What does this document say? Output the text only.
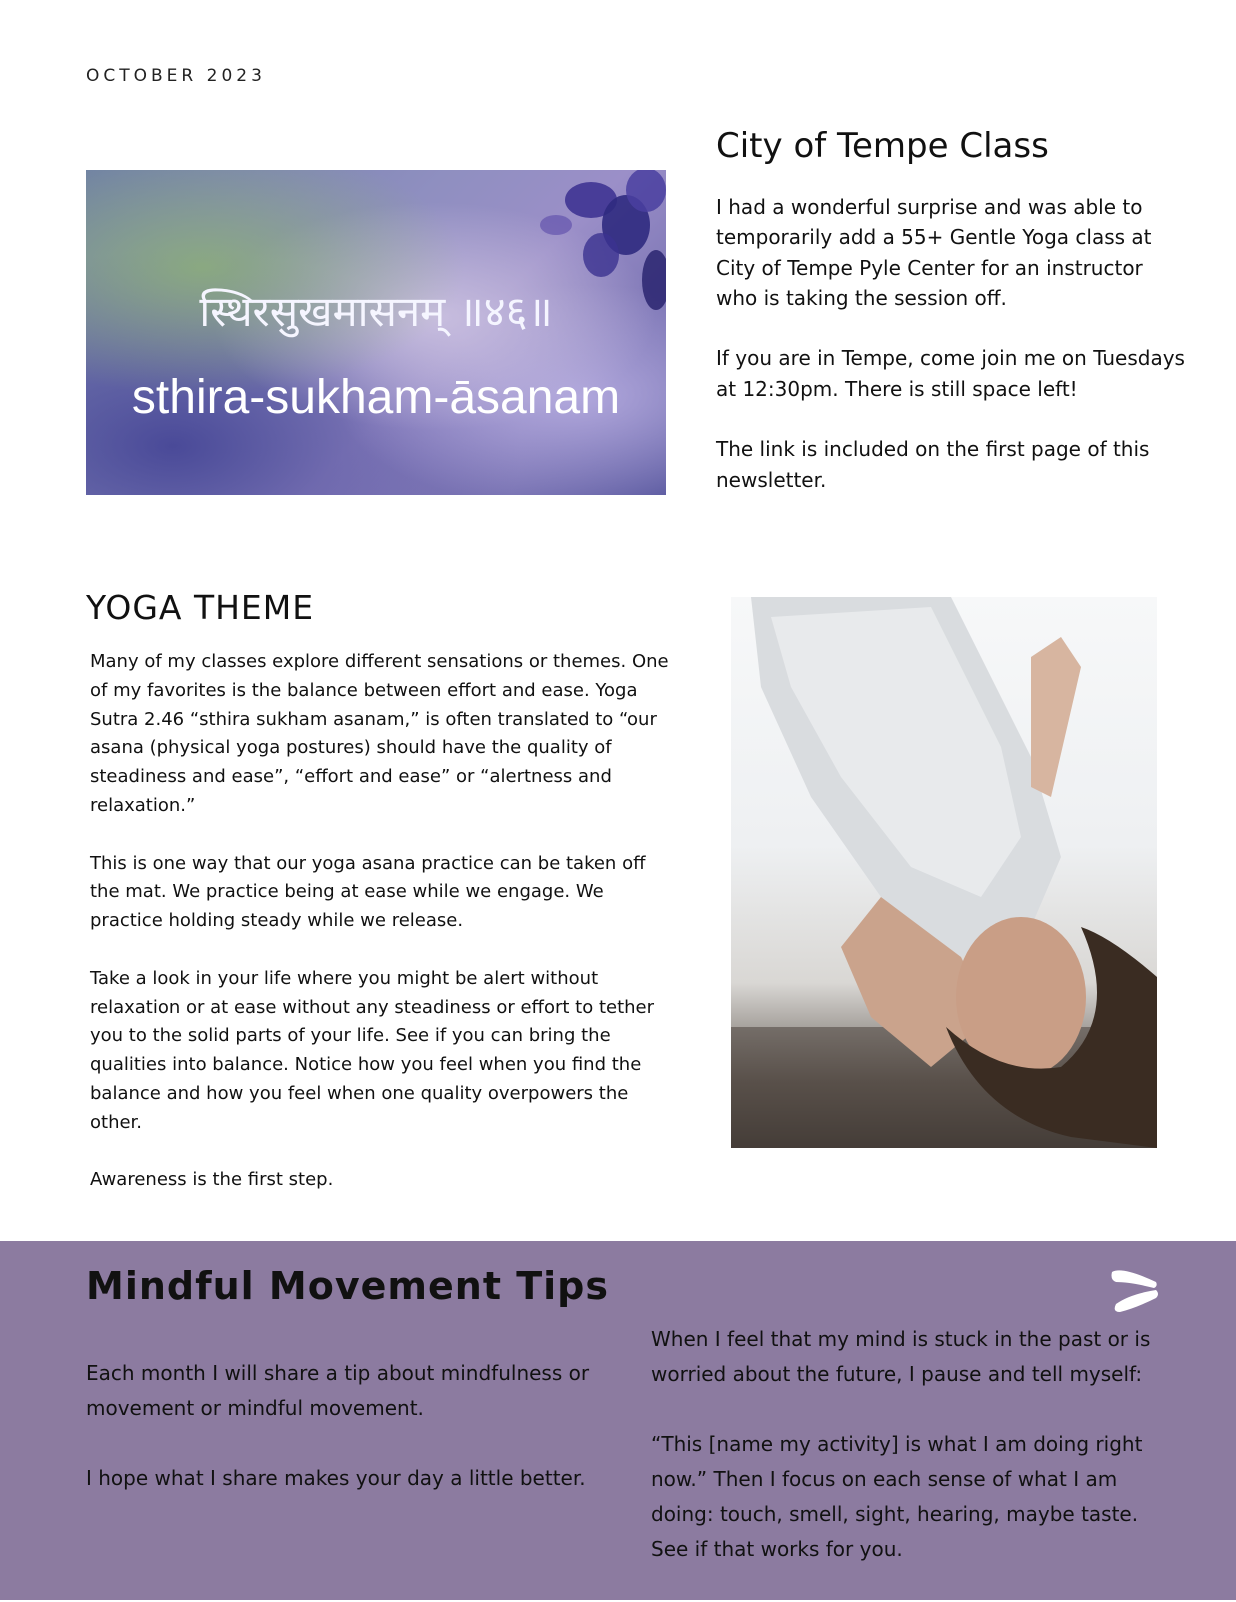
OCTOBER 2023
स्थिरसुखमासनम् ॥४६॥
sthira-sukham-āsanam
City of Tempe Class

I had a wonderful surprise and was able to temporarily add a 55+ Gentle Yoga class at City of Tempe Pyle Center for an instructor who is taking the session off.

If you are in Tempe, come join me on Tuesdays at 12:30pm. There is still space left!

The link is included on the first page of this newsletter.

YOGA THEME

Many of my classes explore different sensations or themes. One of my favorites is the balance between effort and ease. Yoga Sutra 2.46 “sthira sukham asanam,” is often translated to “our asana (physical yoga postures) should have the quality of steadiness and ease”, “effort and ease” or “alertness and relaxation.”

This is one way that our yoga asana practice can be taken off the mat. We practice being at ease while we engage. We practice holding steady while we release.

Take a look in your life where you might be alert without relaxation or at ease without any steadiness or effort to tether you to the solid parts of your life. See if you can bring the qualities into balance. Notice how you feel when you find the balance and how you feel when one quality overpowers the other.

Awareness is the first step.

Mindful Movement Tips

Each month I will share a tip about mindfulness or movement or mindful movement.

I hope what I share makes your day a little better.

When I feel that my mind is stuck in the past or is worried about the future, I pause and tell myself:

“This [name my activity] is what I am doing right now.” Then I focus on each sense of what I am doing: touch, smell, sight, hearing, maybe taste. See if that works for you.
